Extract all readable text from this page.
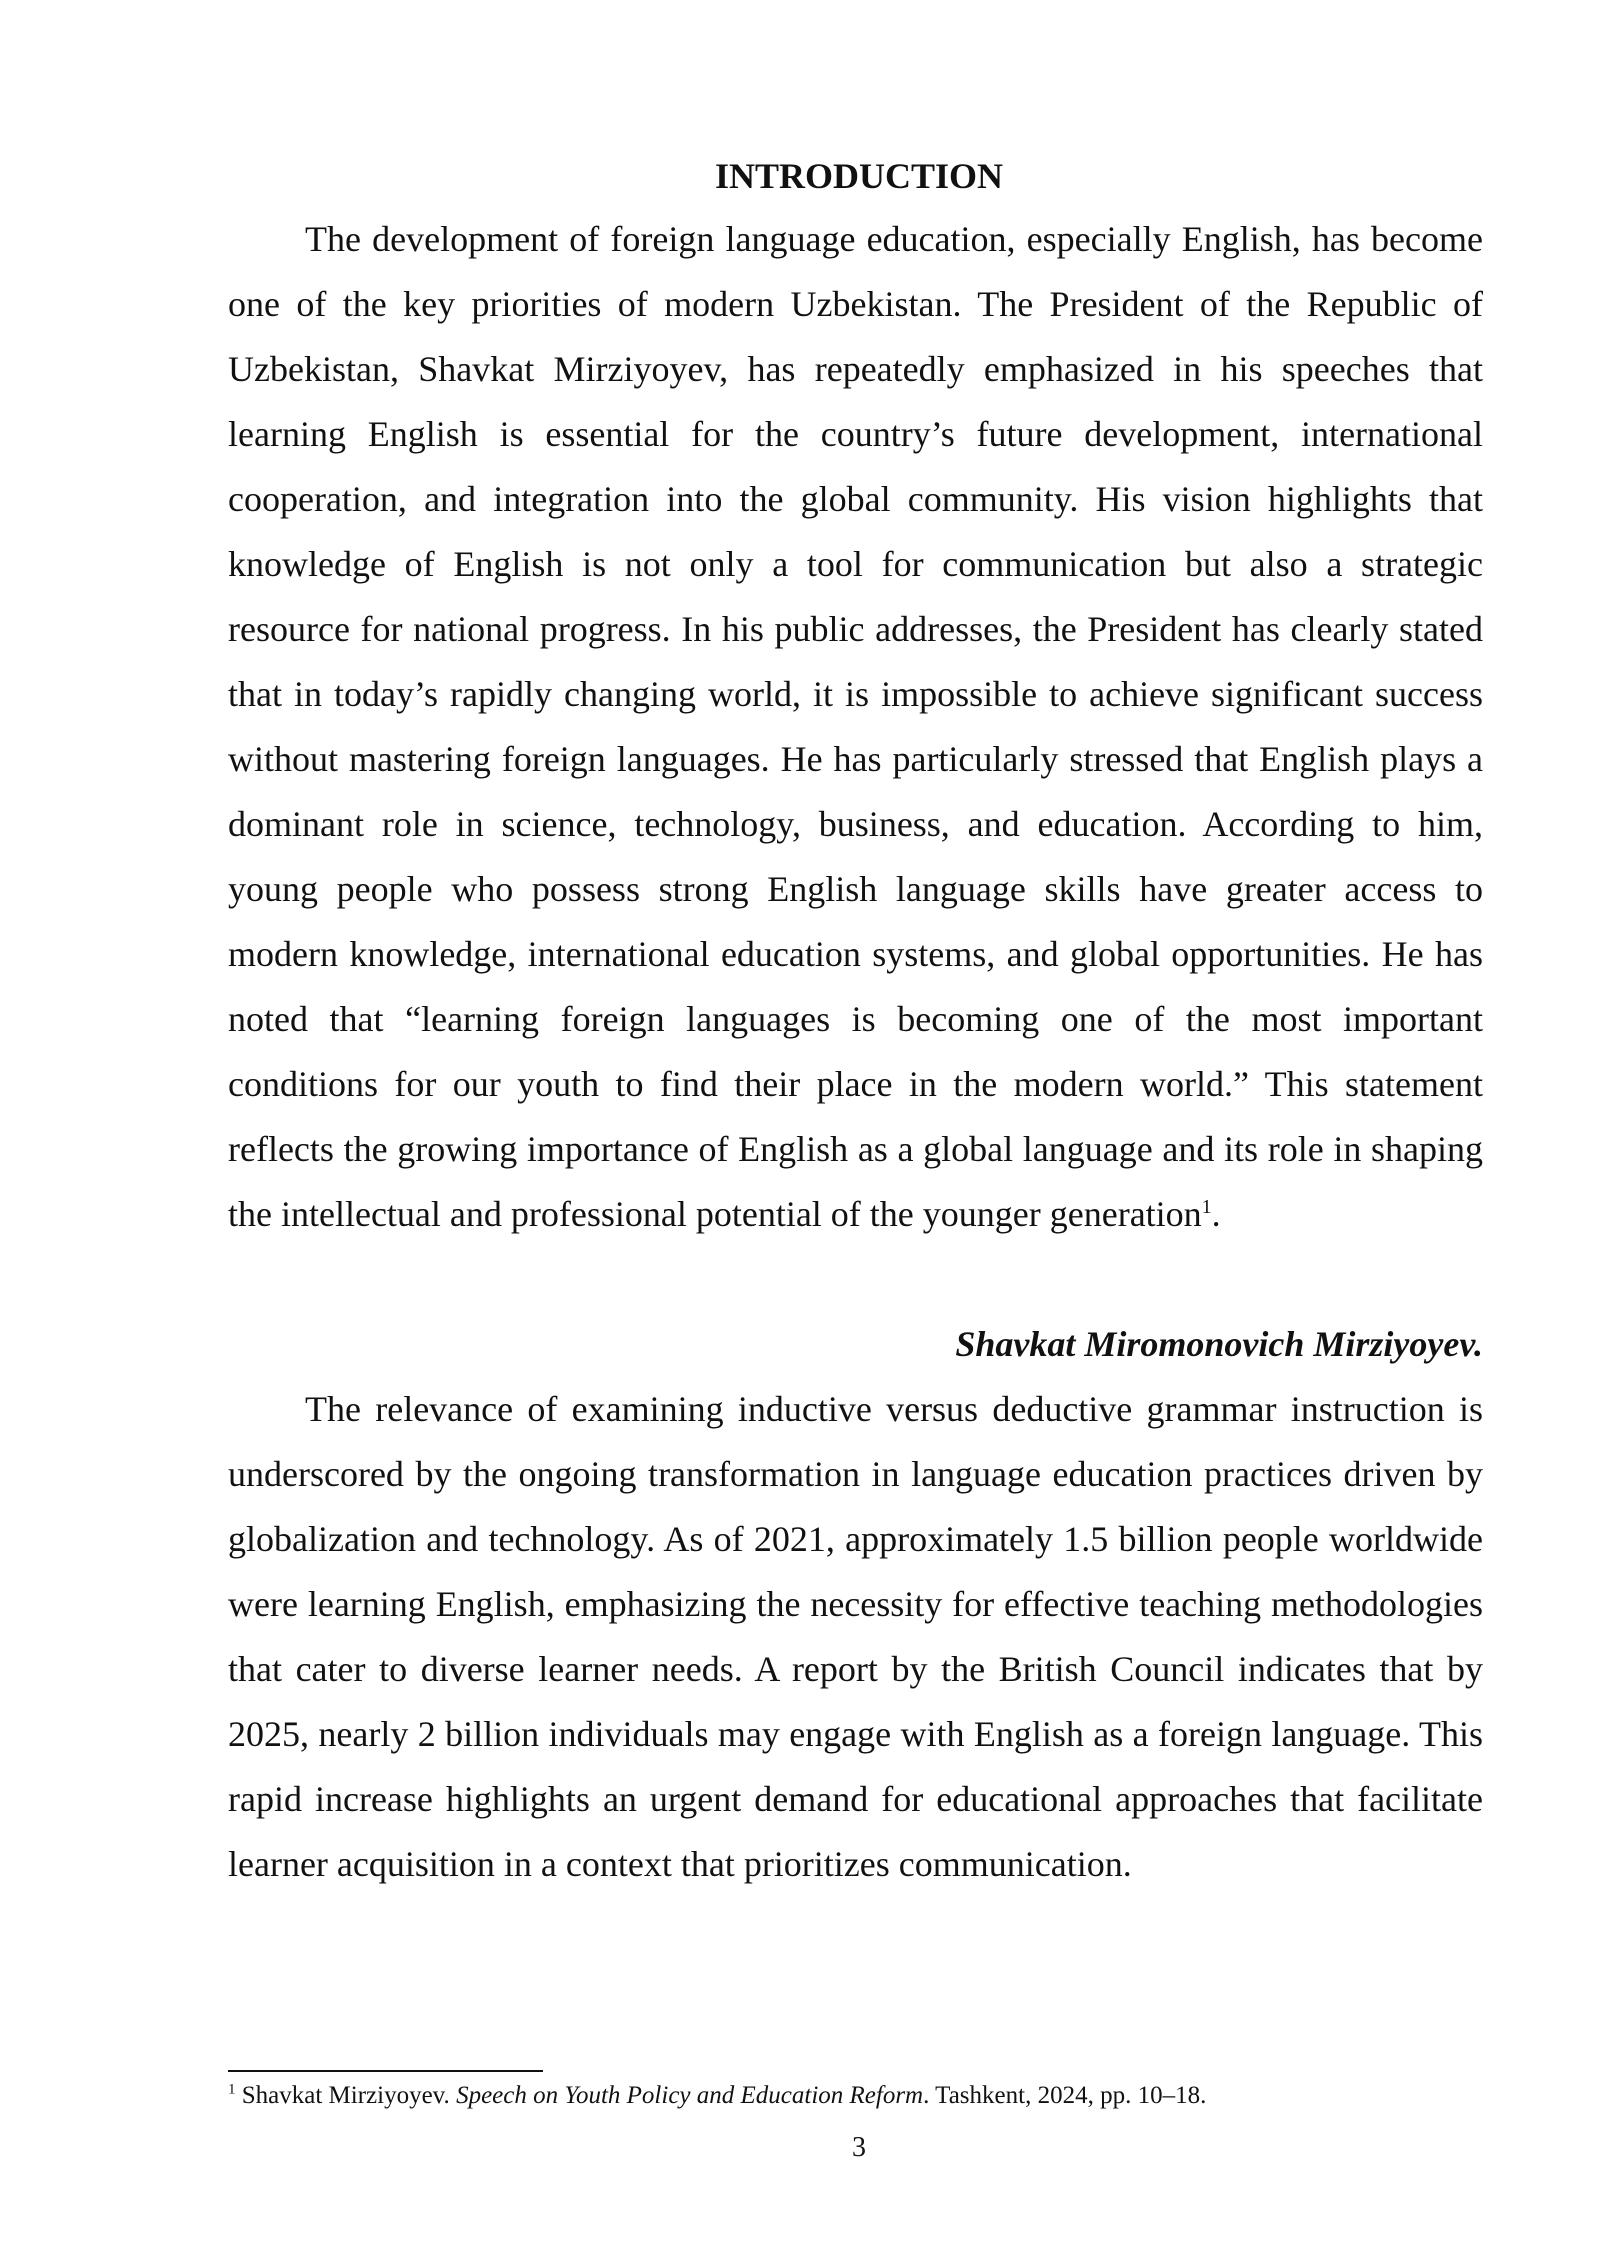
INTRODUCTION

The development of foreign language education, especially English, has become one of the key priorities of modern Uzbekistan. The President of the Republic of Uzbekistan, Shavkat Mirziyoyev, has repeatedly emphasized in his speeches that learning English is essential for the country’s future development, international cooperation, and integration into the global community. His vision highlights that knowledge of English is not only a tool for communication but also a strategic resource for national progress. In his public addresses, the President has clearly stated that in today’s rapidly changing world, it is impossible to achieve significant success without mastering foreign languages. He has particularly stressed that English plays a dominant role in science, technology, business, and education. According to him, young people who possess strong English language skills have greater access to modern knowledge, international education systems, and global opportunities. He has noted that “learning foreign languages is becoming one of the most important conditions for our youth to find their place in the modern world.” This statement reflects the growing importance of English as a global language and its role in shaping the intellectual and professional potential of the younger generation$^1$.

Shavkat Miromonovich Mirziyoyev.

The relevance of examining inductive versus deductive grammar instruction is underscored by the ongoing transformation in language education practices driven by globalization and technology. As of 2021, approximately 1.5 billion people worldwide were learning English, emphasizing the necessity for effective teaching methodologies that cater to diverse learner needs. A report by the British Council indicates that by 2025, nearly 2 billion individuals may engage with English as a foreign language. This rapid increase highlights an urgent demand for educational approaches that facilitate learner acquisition in a context that prioritizes communication.

$^1$ Shavkat Mirziyoyev. Speech on Youth Policy and Education Reform. Tashkent, 2024, pp. 10–18.

3
